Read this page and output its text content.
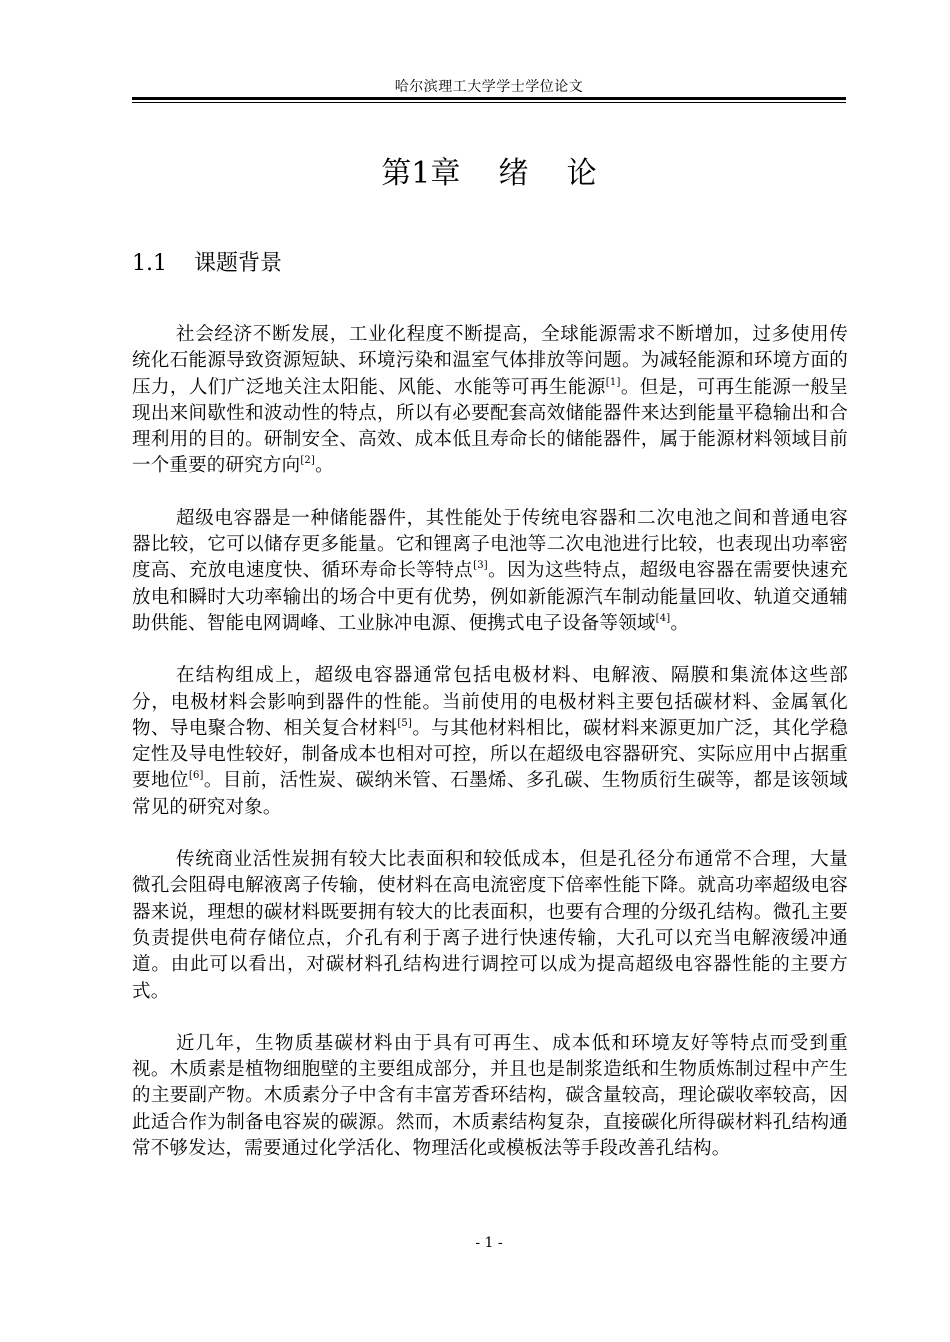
哈尔滨理工大学学士学位论文
第1章    绪    论
1.1 课题背景

社会经济不断发展，工业化程度不断提高，全球能源需求不断增加，过多使用传统化石能源导致资源短缺、环境污染和温室气体排放等问题。为减轻能源和环境方面的压力，人们广泛地关注太阳能、风能、水能等可再生能源[1]。但是，可再生能源一般呈现出来间歇性和波动性的特点，所以有必要配套高效储能器件来达到能量平稳输出和合理利用的目的。研制安全、高效、成本低且寿命长的储能器件，属于能源材料领域目前一个重要的研究方向[2]。

超级电容器是一种储能器件，其性能处于传统电容器和二次电池之间和普通电容器比较，它可以储存更多能量。它和锂离子电池等二次电池进行比较，也表现出功率密度高、充放电速度快、循环寿命长等特点[3]。因为这些特点，超级电容器在需要快速充放电和瞬时大功率输出的场合中更有优势，例如新能源汽车制动能量回收、轨道交通辅助供能、智能电网调峰、工业脉冲电源、便携式电子设备等领域[4]。

在结构组成上，超级电容器通常包括电极材料、电解液、隔膜和集流体这些部分，电极材料会影响到器件的性能。当前使用的电极材料主要包括碳材料、金属氧化物、导电聚合物、相关复合材料[5]。与其他材料相比，碳材料来源更加广泛，其化学稳定性及导电性较好，制备成本也相对可控，所以在超级电容器研究、实际应用中占据重要地位[6]。目前，活性炭、碳纳米管、石墨烯、多孔碳、生物质衍生碳等，都是该领域常见的研究对象。

传统商业活性炭拥有较大比表面积和较低成本，但是孔径分布通常不合理，大量微孔会阻碍电解液离子传输，使材料在高电流密度下倍率性能下降。就高功率超级电容器来说，理想的碳材料既要拥有较大的比表面积，也要有合理的分级孔结构。微孔主要负责提供电荷存储位点，介孔有利于离子进行快速传输，大孔可以充当电解液缓冲通道。由此可以看出，对碳材料孔结构进行调控可以成为提高超级电容器性能的主要方式。

近几年，生物质基碳材料由于具有可再生、成本低和环境友好等特点而受到重视。木质素是植物细胞壁的主要组成部分，并且也是制浆造纸和生物质炼制过程中产生的主要副产物。木质素分子中含有丰富芳香环结构，碳含量较高，理论碳收率较高，因此适合作为制备电容炭的碳源。然而，木质素结构复杂，直接碳化所得碳材料孔结构通常不够发达，需要通过化学活化、物理活化或模板法等手段改善孔结构。

- 1 -
